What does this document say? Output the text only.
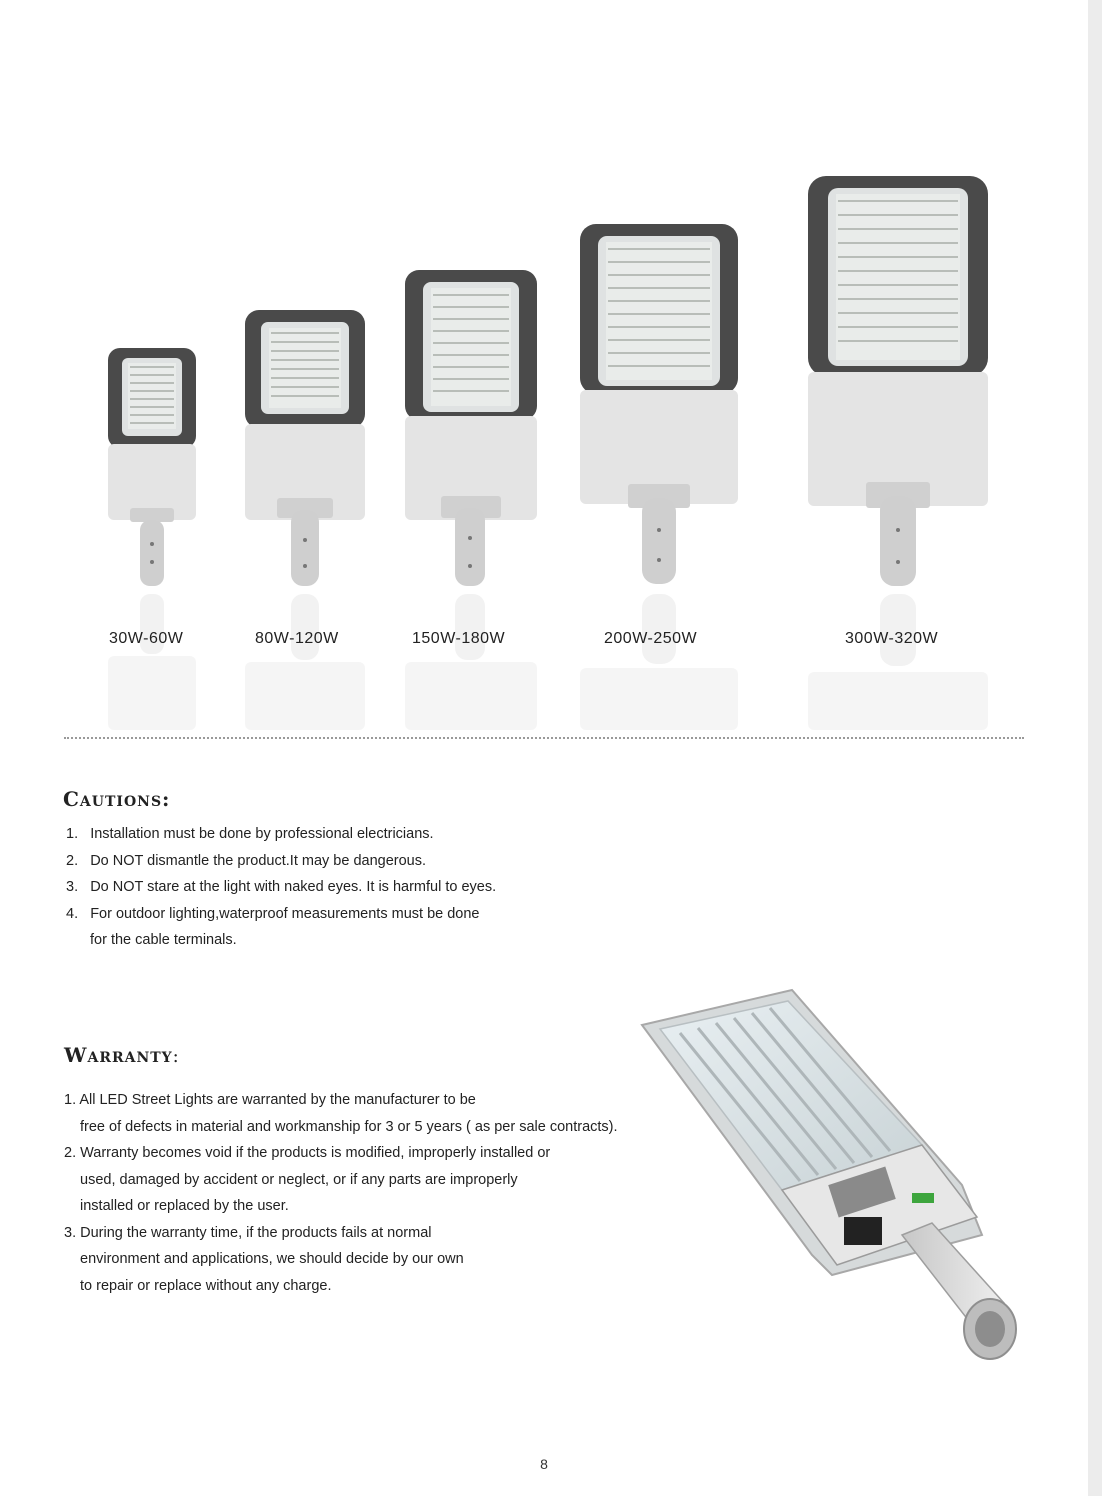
30W-60W	80W-120W	150W-180W	200W-250W	300W-320W
Cautions:
1. Installation must be done by professional electricians.
2. Do NOT dismantle the product.It may be dangerous.
3. Do NOT stare at the light with naked eyes. It is harmful to eyes.
4. For outdoor lighting,waterproof measurements must be done
for the cable terminals.
Warranty:
1. All LED Street Lights are warranted by the manufacturer to be
free of defects in material and workmanship for 3 or 5 years ( as per sale contracts).
2. Warranty becomes void if the products is modified, improperly installed or
used, damaged by accident or neglect, or if any parts are improperly
installed or replaced by the user.
3. During the warranty time, if the products fails at normal
environment and applications, we should decide by our own
to repair or replace without any charge.
8
